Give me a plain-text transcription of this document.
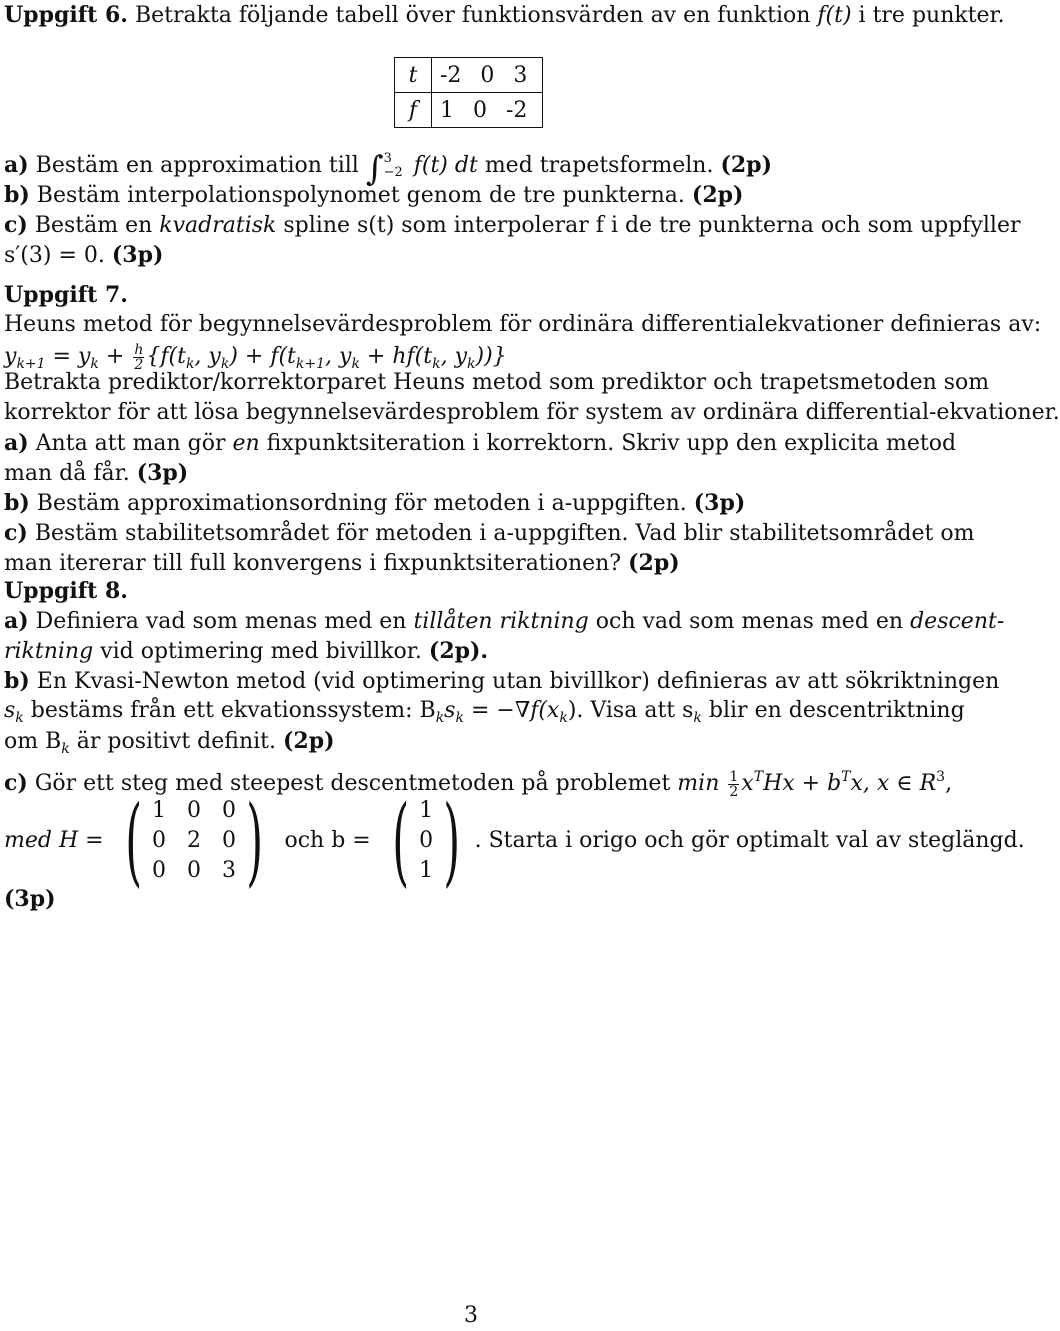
Uppgift 6. Betrakta följande tabell över funktionsvärden av en funktion f(t) i tre punkter.
t	-2 0 3
f	1 0 -2
a) Bestäm en approximation till ∫ 3
−2 f(t) dt med trapetsformeln. (2p)
b) Bestäm interpolationspolynomet genom de tre punkterna. (2p)
c) Bestäm en kvadratisk spline s(t) som interpolerar f i de tre punkterna och som uppfyller
s′(3) = 0. (3p)
Uppgift 7.
Heuns metod för begynnelsevärdesproblem för ordinära differentialekvationer definieras av:
$y_{k+1} = y_k + \frac{h}{2} \{f(t_k$, $y_k) + f(t_{k+1}$, $y_k + hf(t_k$, $y_k$))}
Betrakta prediktor/korrektorparet Heuns metod som prediktor och trapetsmetoden som
korrektor för att lösa begynnelsevärdesproblem för system av ordinära differential-ekvationer.
a) Anta att man gör en fixpunktsiteration i korrektorn. Skriv upp den explicita metod
man då får. (3p)
b) Bestäm approximationsordning för metoden i a-uppgiften. (3p)
c) Bestäm stabilitetsområdet för metoden i a-uppgiften. Vad blir stabilitetsområdet om
man itererar till full konvergens i fixpunktsiterationen? (2p)
Uppgift 8.
a) Definiera vad som menas med en tillåten riktning och vad som menas med en descent-
riktning vid optimering med bivillkor. (2p).
b) En Kvasi-Newton metod (vid optimering utan bivillkor) definieras av att sökriktningen
$s_k$ bestäms från ett ekvationssystem: $B_ks_k = -\nabla f(x_k)$. Visa att $s_k$ blir en descentriktning
om $B_k$ är positivt definit. (2p)
c) Gör ett steg med steepest descentmetoden på problemet $\min \frac{1}{2} x^THx + b^Tx$, x ∈ $R^3$,
med H = ( 1 0 0
0 2 0
0 0 3 ) och b = ( 1
0
1 ) . Starta i origo och gör optimalt val av steglängd.
(3p)
3
